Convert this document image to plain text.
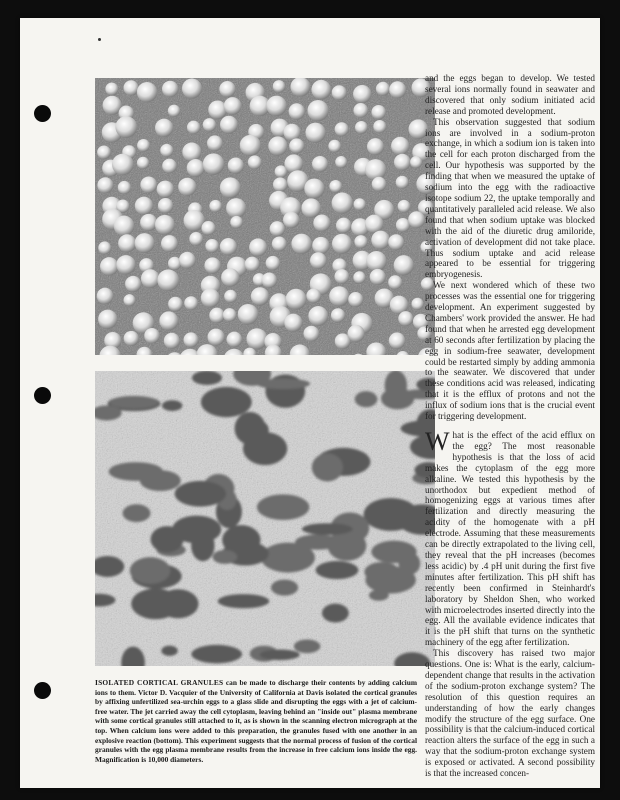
and the eggs began to develop. We tested several ions normally found in seawater and discovered that only sodium initiated acid release and promoted development.

This observation suggested that sodium ions are involved in a sodium-proton exchange, in which a sodium ion is taken into the cell for each proton discharged from the cell. Our hypothesis was supported by the finding that when we measured the uptake of sodium into the egg with the radioactive isotope sodium 22, the uptake temporally and quantitatively paralleled acid release. We also found that when sodium uptake was blocked with the aid of the diuretic drug amiloride, activation of development did not take place. Thus sodium uptake and acid release appeared to be essential for triggering embryogenesis.

We next wondered which of these two processes was the essential one for triggering development. An experiment suggested by Chambers' work provided the answer. He had found that when he arrested egg development at 60 seconds after fertilization by placing the egg in sodium-free seawater, development could be restarted simply by adding ammonia to the seawater. We discovered that under these conditions acid was released, indicating that it is the efflux of protons and not the influx of sodium ions that is the crucial event for triggering development.

What is the effect of the acid efflux on the egg? The most reasonable hypothesis is that the loss of acid makes the cytoplasm of the egg more alkaline. We tested this hypothesis by the unorthodox but expedient method of homogenizing eggs at various times after fertilization and directly measuring the acidity of the homogenate with a pH electrode. Assuming that these measurements can be directly extrapolated to the living cell, they reveal that the pH increases (becomes less acidic) by .4 pH unit during the first five minutes after fertilization. This pH shift has recently been confirmed in Steinhardt's laboratory by Sheldon Shen, who worked with microelectrodes inserted directly into the egg. All the available evidence indicates that it is the pH shift that turns on the synthetic machinery of the egg after fertilization.

This discovery has raised two major questions. One is: What is the early, calcium-dependent change that results in the activation of the sodium-proton exchange system? The resolution of this question requires an understanding of how the early changes modify the structure of the egg surface. One possibility is that the calcium-induced cortical reaction alters the surface of the egg in such a way that the sodium-proton exchange system is exposed or activated. A second possibility is that the increased concen-

ISOLATED CORTICAL GRANULES can be made to discharge their contents by adding calcium ions to them. Victor D. Vacquier of the University of California at Davis isolated the cortical granules by affixing unfertilized sea-urchin eggs to a glass slide and disrupting the eggs with a jet of calcium-free water. The jet carried away the cell cytoplasm, leaving behind an "inside out" plasma membrane with some cortical granules still attached to it, as is shown in the scanning electron micrograph at the top. When calcium ions were added to this preparation, the granules fused with one another in an explosive reaction (bottom). This experiment suggests that the normal process of fusion of the cortical granules with the egg plasma membrane results from the increase in free calcium ions inside the egg. Magnification is 10,000 diameters.
